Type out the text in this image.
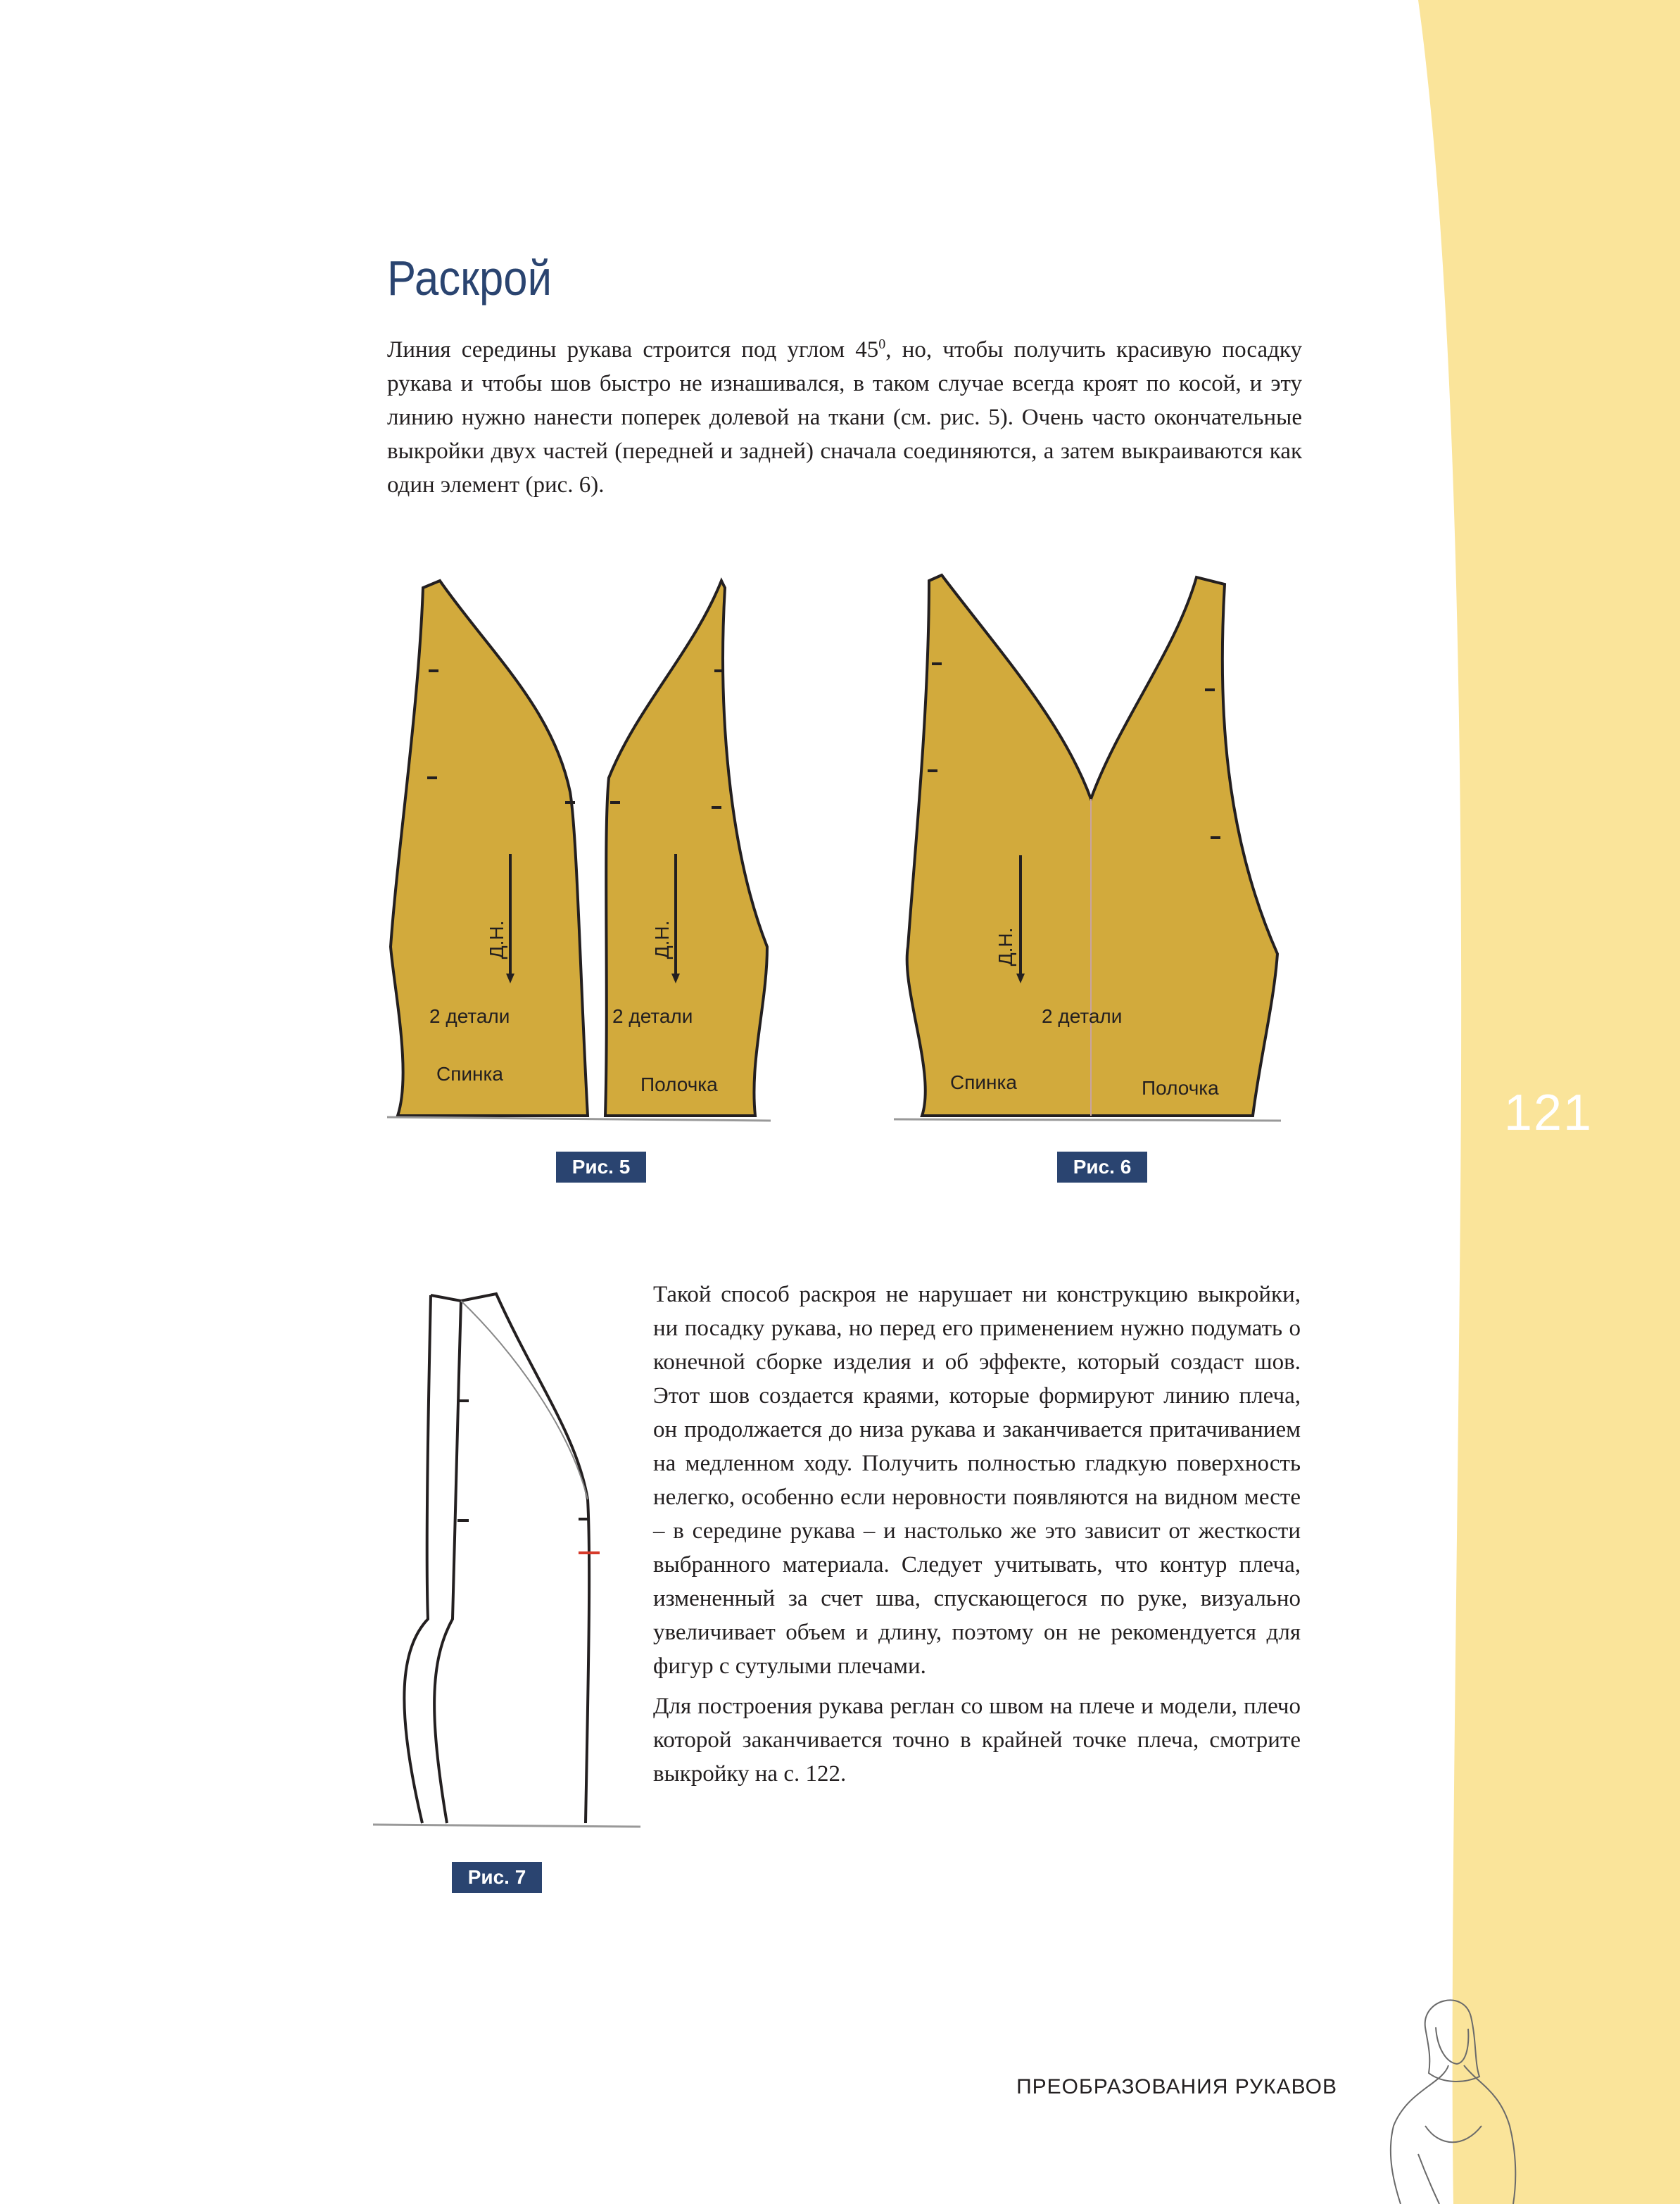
121
Раскрой

Линия середины рукава строится под углом $45^0$, но, чтобы получить красивую посадку рукава и чтобы шов быстро не изнашивался, в таком случае всегда кроят по косой, и эту линию нужно нанести поперек долевой на ткани (см. рис. 5). Очень часто окончательные выкройки двух частей (передней и задней) сначала соединяются, а затем выкраиваются как один элемент (рис. 6).

Д.Н.	Д.Н.
2 детали	2 детали
Спинка	Полочка
Рис. 5
Д.Н.
2 детали
Спинка	Полочка
Рис. 6
Рис. 7

Такой способ раскроя не нарушает ни конструкцию выкройки, ни посадку рукава, но перед его применением нужно подумать о конечной сборке изделия и об эффекте, который создаст шов. Этот шов создается краями, которые формируют линию плеча, он продолжается до низа рукава и заканчивается притачиванием на медленном ходу. Получить полностью гладкую поверхность нелегко, особенно если неровности появляются на видном месте – в середине рукава – и настолько же это зависит от жесткости выбранного материала. Следует учитывать, что контур плеча, измененный за счет шва, спускающегося по руке, визуально увеличивает объем и длину, поэтому он не рекомендуется для фигур с сутулыми плечами.

Для построения рукава реглан со швом на плече и модели, плечо которой заканчивается точно в крайней точке плеча, смотрите выкройку на с. 122.

ПРЕОБРАЗОВАНИЯ РУКАВОВ
